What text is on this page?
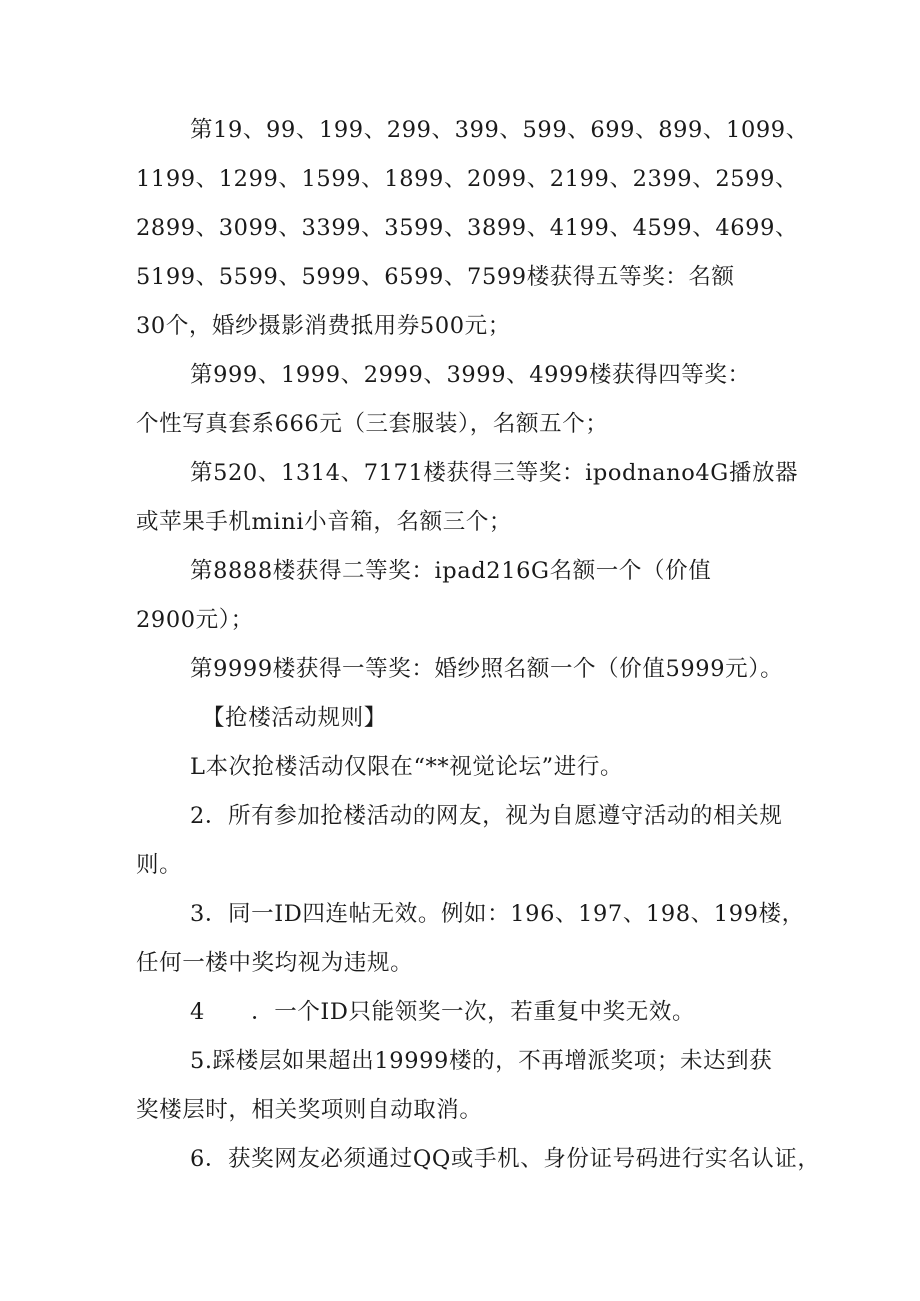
第19、99、199、299、399、599、699、899、1099、
1199、1299、1599、1899、2099、2199、2399、2599、
2899、3099、3399、3599、3899、4199、4599、4699、
5199、5599、5999、6599、7599楼获得五等奖：名额
30个，婚纱摄影消费抵用券500元；
第999、1999、2999、3999、4999楼获得四等奖：
个性写真套系666元（三套服装），名额五个；
第520、1314、7171楼获得三等奖：ipodnano4G播放器
或苹果手机mini小音箱，名额三个；
第8888楼获得二等奖：ipad216G名额一个（价值
2900元）；
第9999楼获得一等奖：婚纱照名额一个（价值5999元）。
【抢楼活动规则】
L本次抢楼活动仅限在“**视觉论坛”进行。
2．所有参加抢楼活动的网友，视为自愿遵守活动的相关规
则。
3．同一ID四连帖无效。例如：196、197、198、199楼，
任何一楼中奖均视为违规。
4　　．一个ID只能领奖一次，若重复中奖无效。
5.踩楼层如果超出19999楼的，不再增派奖项；未达到获
奖楼层时，相关奖项则自动取消。
6．获奖网友必须通过QQ或手机、身份证号码进行实名认证，
